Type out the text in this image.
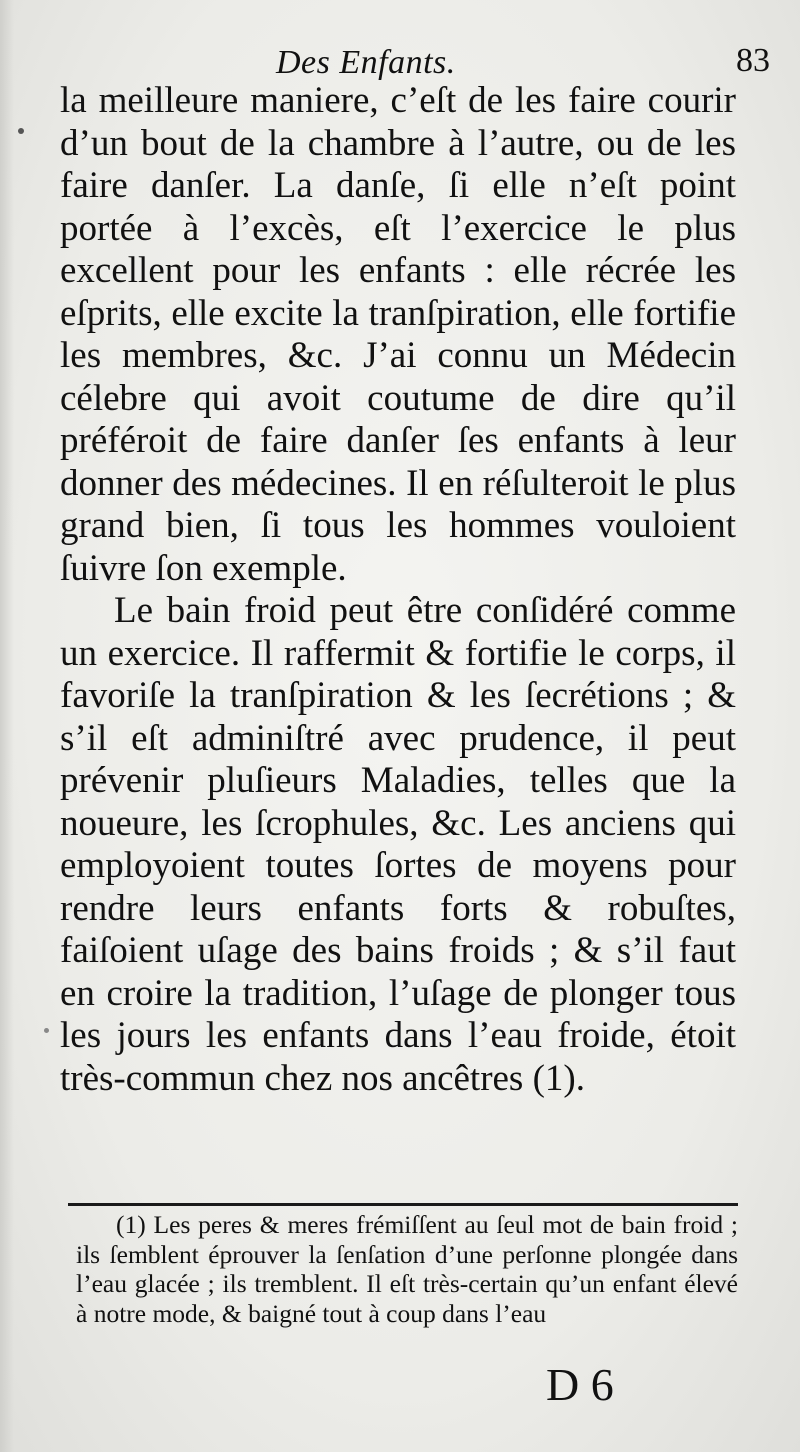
Des Enfants.	83

la meilleure maniere, c’eſt de les faire courir d’un bout de la chambre à l’autre, ou de les faire danſer. La danſe, ſi elle n’eſt point portée à l’excès, eſt l’exercice le plus excellent pour les enfants : elle récrée les eſprits, elle excite la tranſpiration, elle fortifie les membres, &c. J’ai connu un Médecin célebre qui avoit coutume de dire qu’il préféroit de faire danſer ſes enfants à leur donner des médecines. Il en réſulteroit le plus grand bien, ſi tous les hommes vouloient ſuivre ſon exemple.

Le bain froid peut être conſidéré comme un exercice. Il raffermit & fortifie le corps, il favoriſe la tranſpiration & les ſecrétions ; & s’il eſt adminiſtré avec prudence, il peut prévenir pluſieurs Maladies, telles que la noueure, les ſcrophules, &c. Les anciens qui employoient toutes ſortes de moyens pour rendre leurs enfants forts & robuſtes, faiſoient uſage des bains froids ; & s’il faut en croire la tradition, l’uſage de plonger tous les jours les enfants dans l’eau froide, étoit très-commun chez nos ancêtres (1).

(1) Les peres & meres frémiſſent au ſeul mot de bain froid ; ils ſemblent éprouver la ſenſation d’une perſonne plongée dans l’eau glacée ; ils tremblent. Il eſt très-certain qu’un enfant élevé à notre mode, & baigné tout à coup dans l’eau

D 6
